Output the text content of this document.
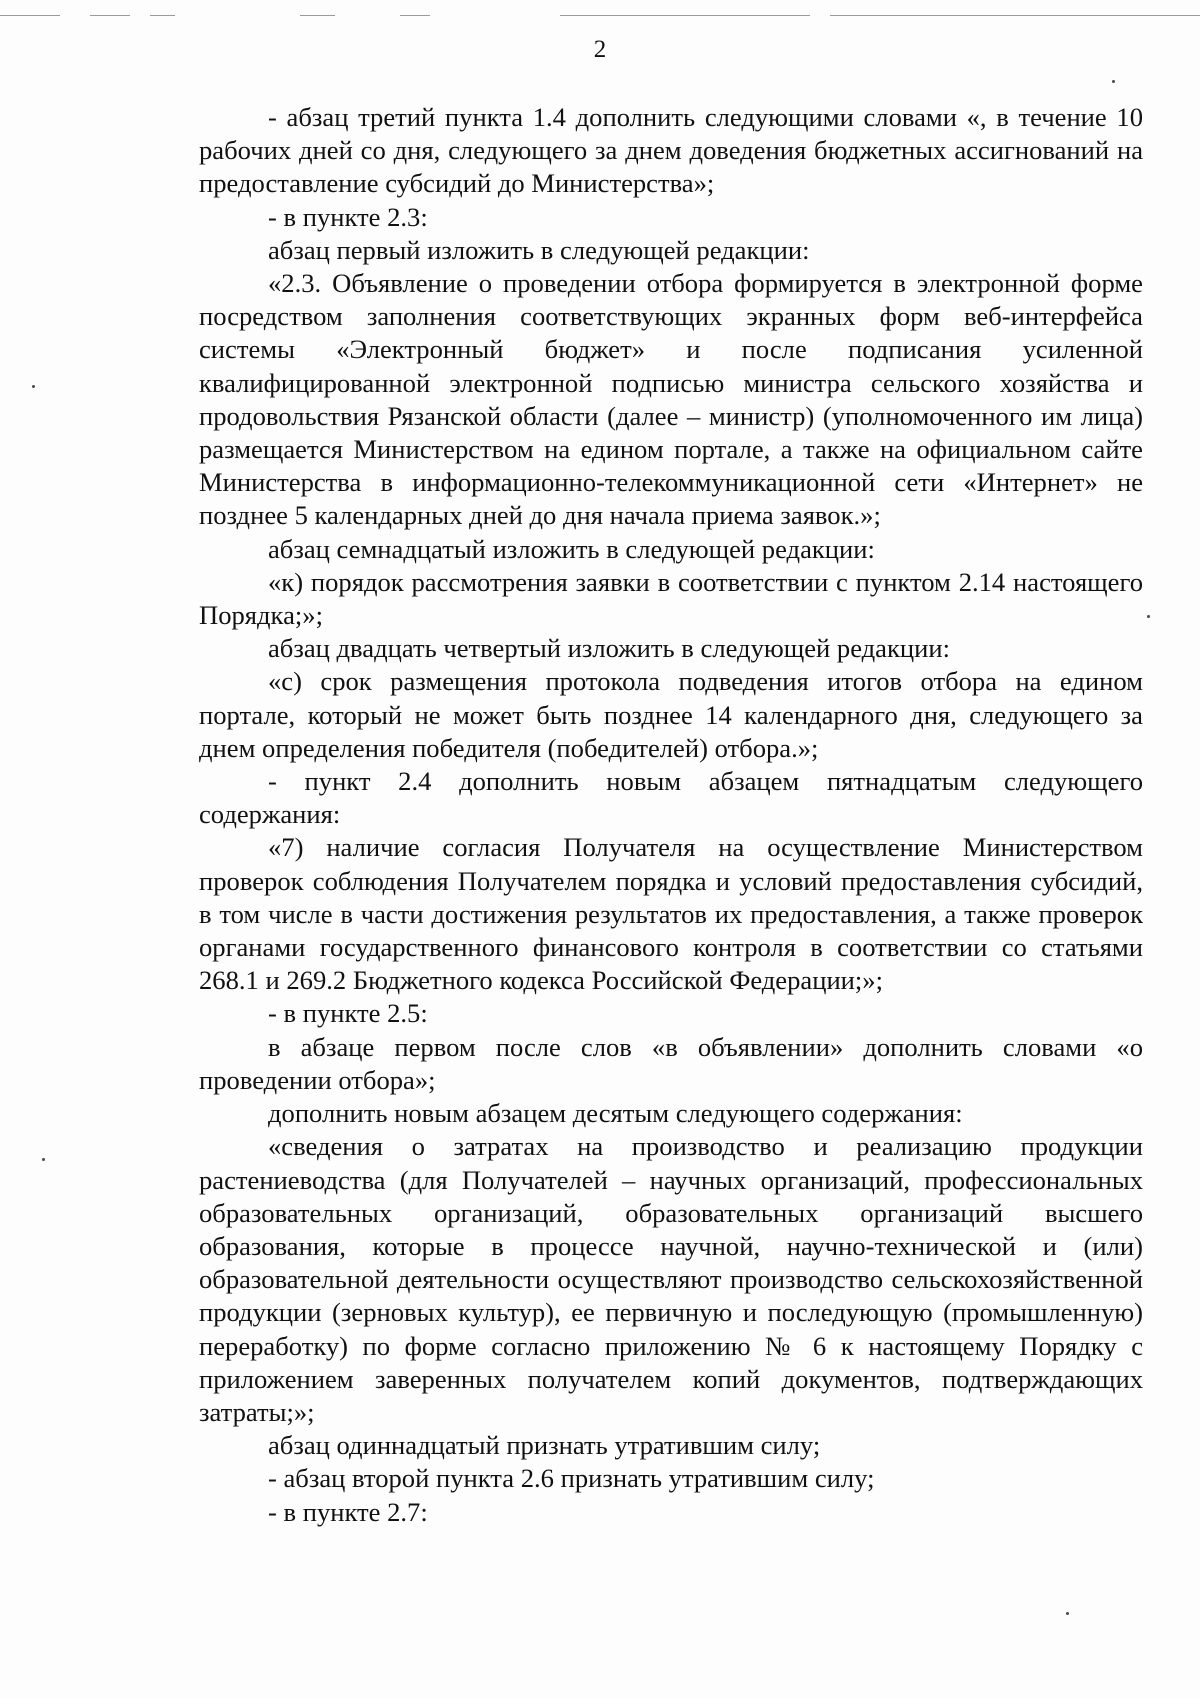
2

- абзац третий пункта 1.4 дополнить следующими словами «, в течение 10 рабочих дней со дня, следующего за днем доведения бюджетных ассигнований на предоставление субсидий до Министерства»;

- в пункте 2.3:

абзац первый изложить в следующей редакции:

«2.3. Объявление о проведении отбора формируется в электронной форме посредством заполнения соответствующих экранных форм веб-интерфейса системы «Электронный бюджет» и после подписания усиленной квалифицированной электронной подписью министра сельского хозяйства и продовольствия Рязанской области (далее – министр) (уполномоченного им лица) размещается Министерством на едином портале, а также на официальном сайте Министерства в информационно-телекоммуникационной сети «Интернет» не позднее 5 календарных дней до дня начала приема заявок.»;

абзац семнадцатый изложить в следующей редакции:

«к) порядок рассмотрения заявки в соответствии с пунктом 2.14 настоящего Порядка;»;

абзац двадцать четвертый изложить в следующей редакции:

«с) срок размещения протокола подведения итогов отбора на едином портале, который не может быть позднее 14 календарного дня, следующего за днем определения победителя (победителей) отбора.»;

- пункт 2.4 дополнить новым абзацем пятнадцатым следующего содержания:

«7) наличие согласия Получателя на осуществление Министерством проверок соблюдения Получателем порядка и условий предоставления субсидий, в том числе в части достижения результатов их предоставления, а также проверок органами государственного финансового контроля в соответствии со статьями 268.1 и 269.2 Бюджетного кодекса Российской Федерации;»;

- в пункте 2.5:

в абзаце первом после слов «в объявлении» дополнить словами «о проведении отбора»;

дополнить новым абзацем десятым следующего содержания:

«сведения о затратах на производство и реализацию продукции растениеводства (для Получателей – научных организаций, профессиональных образовательных организаций, образовательных организаций высшего образования, которые в процессе научной, научно-технической и (или) образовательной деятельности осуществляют производство сельскохозяйственной продукции (зерновых культур), ее первичную и последующую (промышленную) переработку) по форме согласно приложению № 6 к настоящему Порядку с приложением заверенных получателем копий документов, подтверждающих затраты;»;

абзац одиннадцатый признать утратившим силу;

- абзац второй пункта 2.6 признать утратившим силу;

- в пункте 2.7:
